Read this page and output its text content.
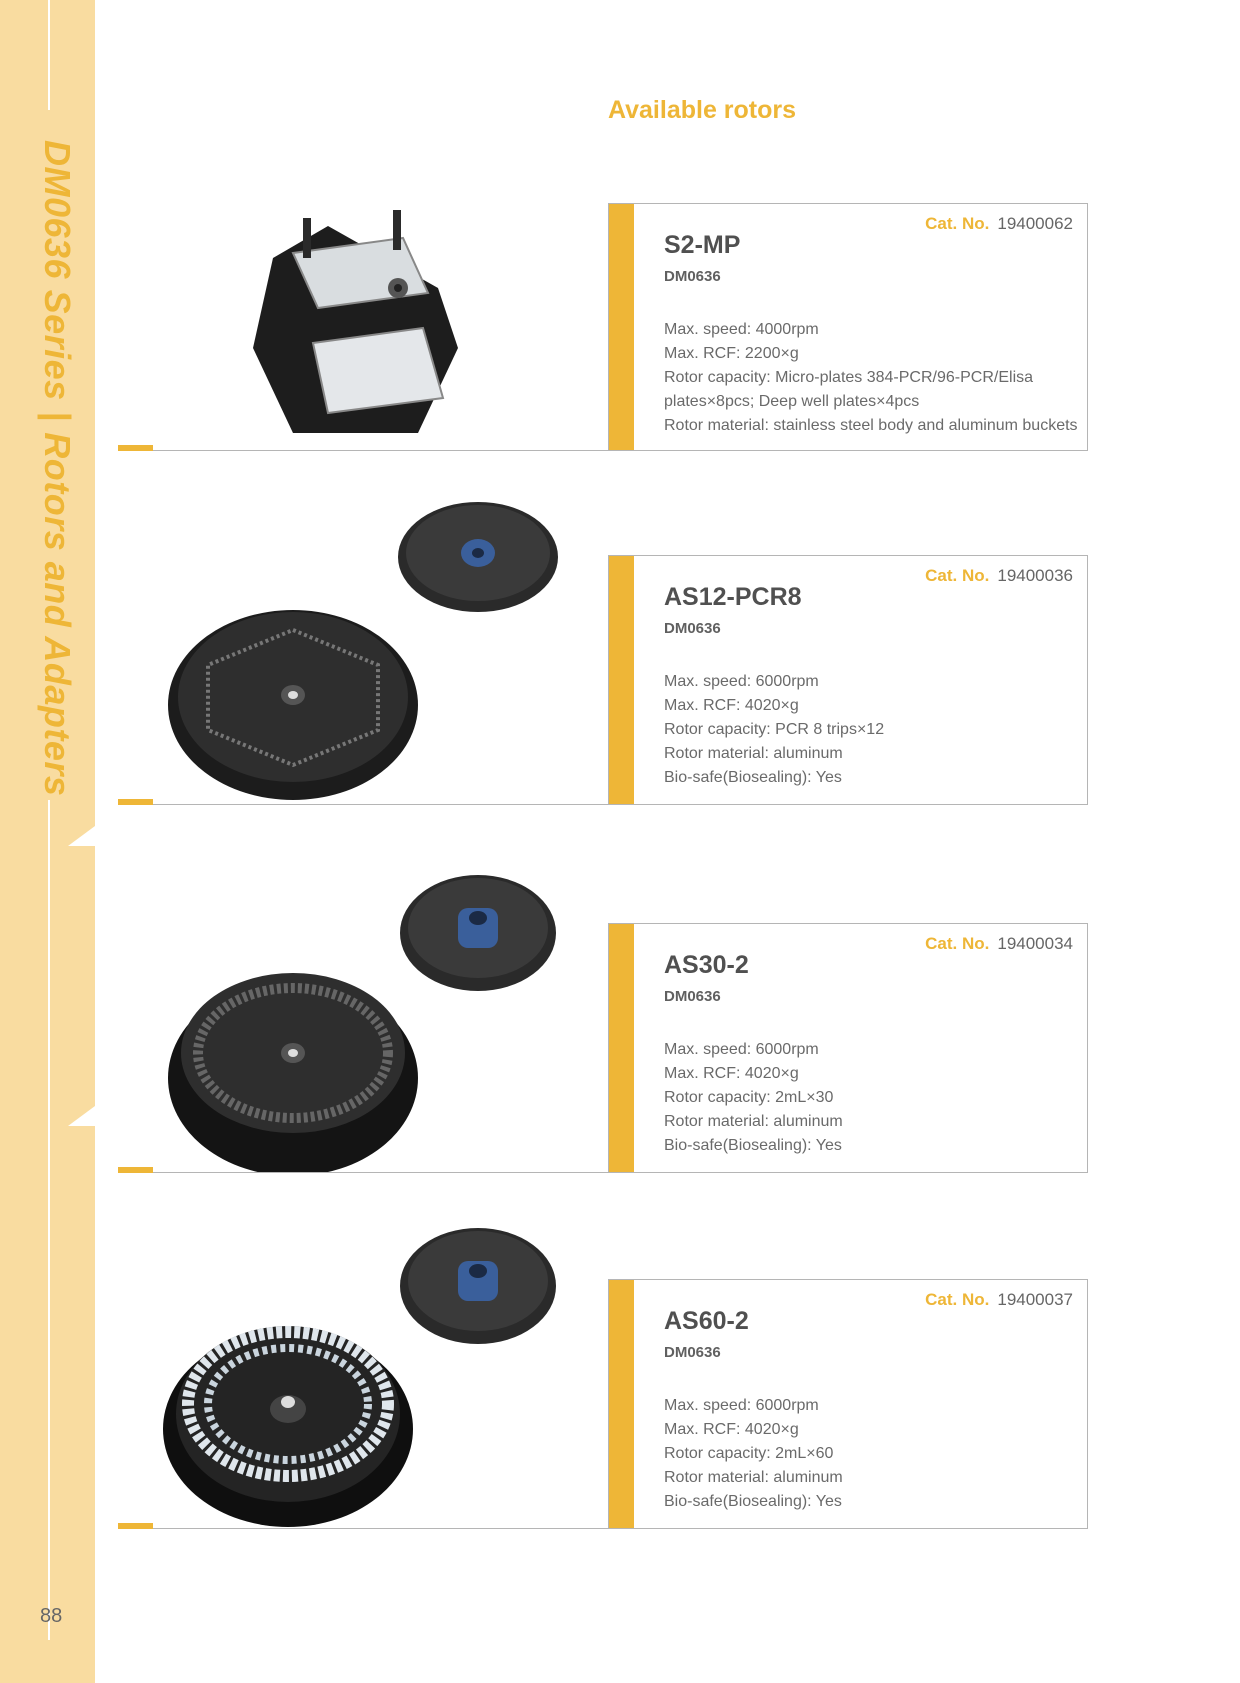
DM0636 Series | Rotors and Adapters
88
Available rotors
Cat. No. 19400062
S2-MP
DM0636
Max. speed: 4000rpm
Max. RCF: 2200×g
Rotor capacity: Micro-plates 384-PCR/96-PCR/Elisa
plates×8pcs; Deep well plates×4pcs
Rotor material: stainless steel body and aluminum buckets
Cat. No. 19400036
AS12-PCR8
DM0636
Max. speed: 6000rpm
Max. RCF: 4020×g
Rotor capacity: PCR 8 trips×12
Rotor material: aluminum
Bio-safe(Biosealing): Yes
Cat. No. 19400034
AS30-2
DM0636
Max. speed: 6000rpm
Max. RCF: 4020×g
Rotor capacity: 2mL×30
Rotor material: aluminum
Bio-safe(Biosealing): Yes
Cat. No. 19400037
AS60-2
DM0636
Max. speed: 6000rpm
Max. RCF: 4020×g
Rotor capacity: 2mL×60
Rotor material: aluminum
Bio-safe(Biosealing): Yes
